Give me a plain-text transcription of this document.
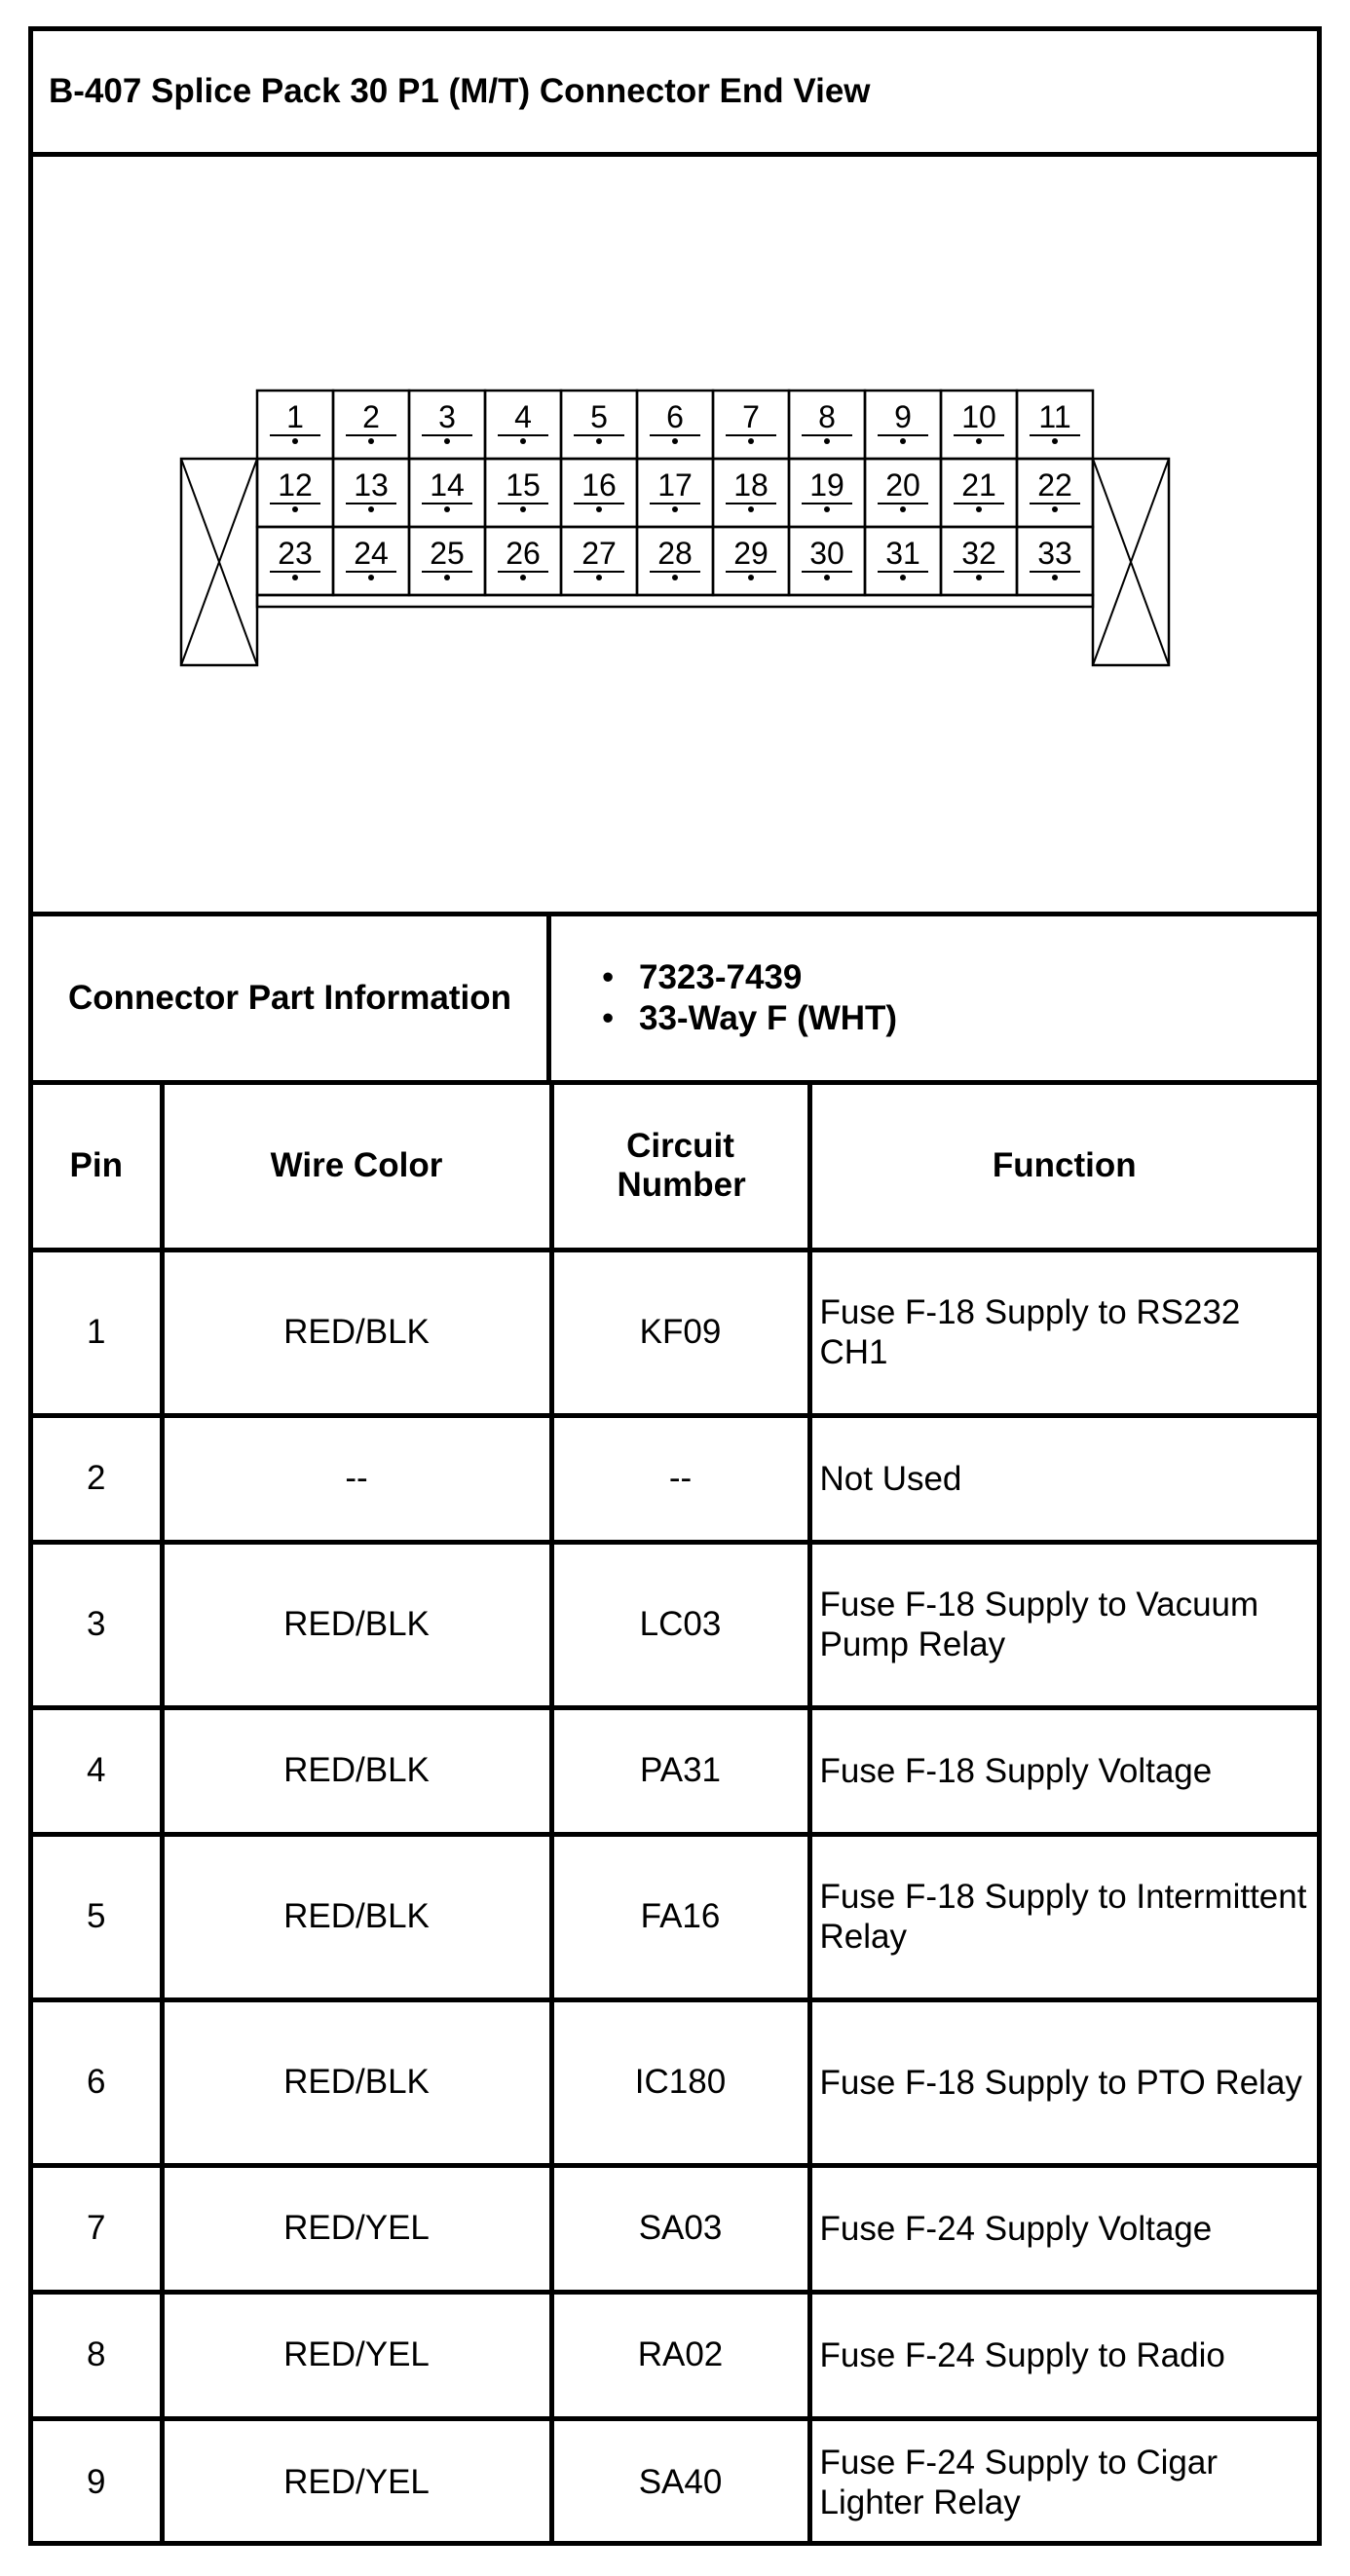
B-407 Splice Pack 30 P1 (M/T) Connector End View
1 2 3 4 5 6 7 8 9 10 11
12 13 14 15 16 17 18 19 20 21 22
23 24 25 26 27 28 29 30 31 32 33
Connector Part Information
• 7323-7439
• 33-Way F (WHT)
Pin	Wire Color	Circuit Number	Function
1	RED/BLK	KF09	Fuse F-18 Supply to RS232 CH1
2	--	--	Not Used
3	RED/BLK	LC03	Fuse F-18 Supply to Vacuum Pump Relay
4	RED/BLK	PA31	Fuse F-18 Supply Voltage
5	RED/BLK	FA16	Fuse F-18 Supply to Intermittent Relay
6	RED/BLK	IC180	Fuse F-18 Supply to PTO Relay
7	RED/YEL	SA03	Fuse F-24 Supply Voltage
8	RED/YEL	RA02	Fuse F-24 Supply to Radio
9	RED/YEL	SA40	Fuse F-24 Supply to Cigar Lighter Relay
